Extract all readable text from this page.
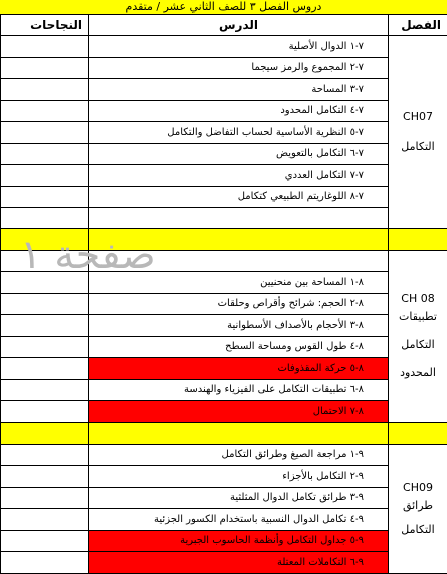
دروس الفصل ٣ للصف الثاني عشر / متقدم
الفصل	الدرس	النجاحات

CH07
التكامل	٧-١ الدوال الأصلية	
	٧-٢ المجموع والرمز سيجما	
	٧-٣ المساحة	
	٧-٤ التكامل المحدود	
	٧-٥ النظرية الأساسية لحساب التفاضل والتكامل	
	٧-٦ التكامل بالتعويض	
	٧-٧ التكامل العددي	
	٧-٨ اللوغاريتم الطبيعي كتكامل	

CH 08
تطبيقات
التكامل
المحدود		

	٨-١ المساحة بين منحنيين	
	٨-٢ الحجم: شرائح وأقراص وحلقات	
	٨-٣ الأحجام بالأصداف الأسطوانية	
	٨-٤ طول القوس ومساحة السطح	
	٨-٥ حركة المقذوفات	
	٨-٦ تطبيقات التكامل على الفيزياء والهندسة	
	٨-٧ الاحتمال	

CH09
طرائق
التكامل	٩-١ مراجعة الصيغ وطرائق التكامل	
	٩-٢ التكامل بالأجزاء	
	٩-٣ طرائق تكامل الدوال المثلثية	
	٩-٤ تكامل الدوال النسبية باستخدام الكسور الجزئية	
	٩-٥ جداول التكامل وأنظمة الحاسوب الجبرية	
	٩-٦ التكاملات المعتلة	
صفحة ١
